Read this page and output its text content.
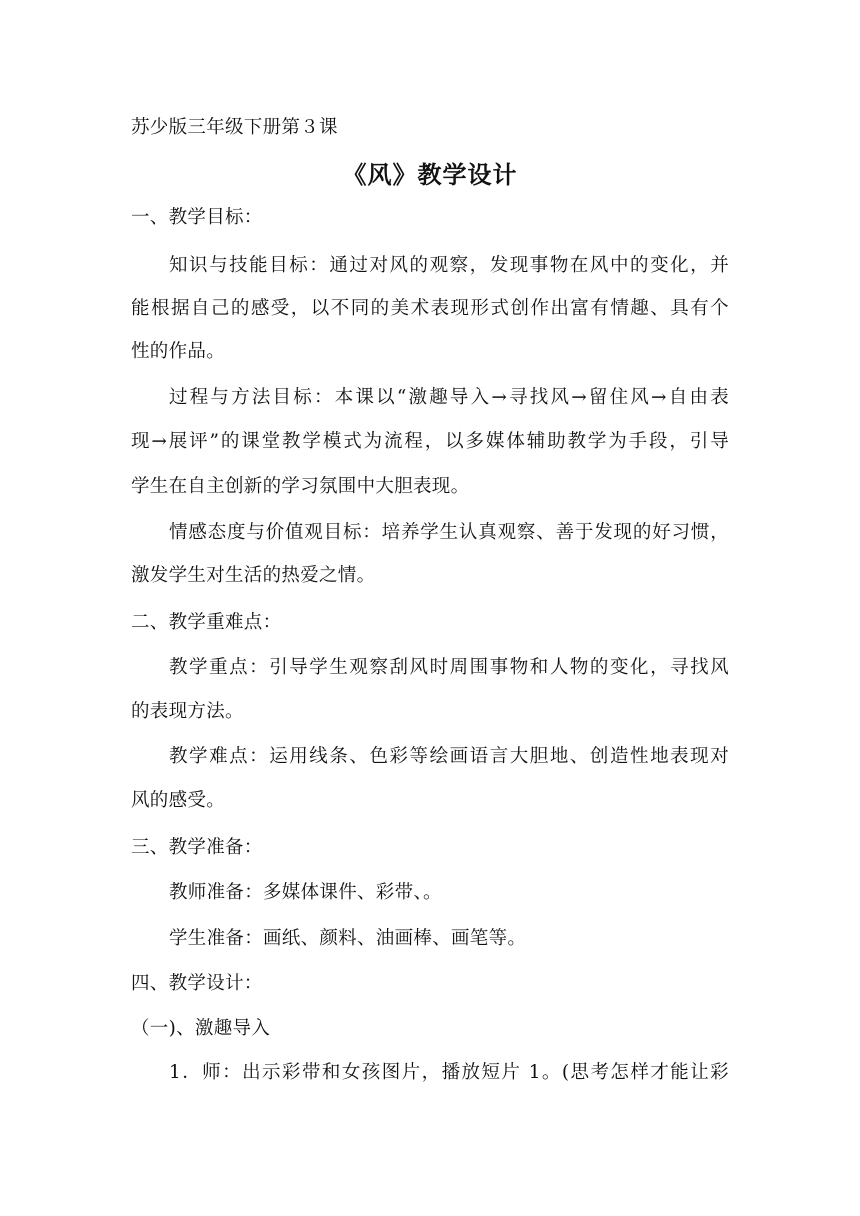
苏少版三年级下册第３课
《风》教学设计
一、教学目标：
知识与技能目标：通过对风的观察，发现事物在风中的变化，并
能根据自己的感受，以不同的美术表现形式创作出富有情趣、具有个
性的作品。
过程与方法目标：本课以“激趣导入→寻找风→留住风→自由表
现→展评”的课堂教学模式为流程，以多媒体辅助教学为手段，引导
学生在自主创新的学习氛围中大胆表现。
情感态度与价值观目标：培养学生认真观察、善于发现的好习惯，
激发学生对生活的热爱之情。
二、教学重难点：
教学重点：引导学生观察刮风时周围事物和人物的变化，寻找风
的表现方法。
教学难点：运用线条、色彩等绘画语言大胆地、创造性地表现对
风的感受。
三、教学准备：
教师准备：多媒体课件、彩带、。
学生准备：画纸、颜料、油画棒、画笔等。
四、教学设计：
（一)、激趣导入
1．师：出示彩带和女孩图片，播放短片 1。(思考怎样才能让彩
